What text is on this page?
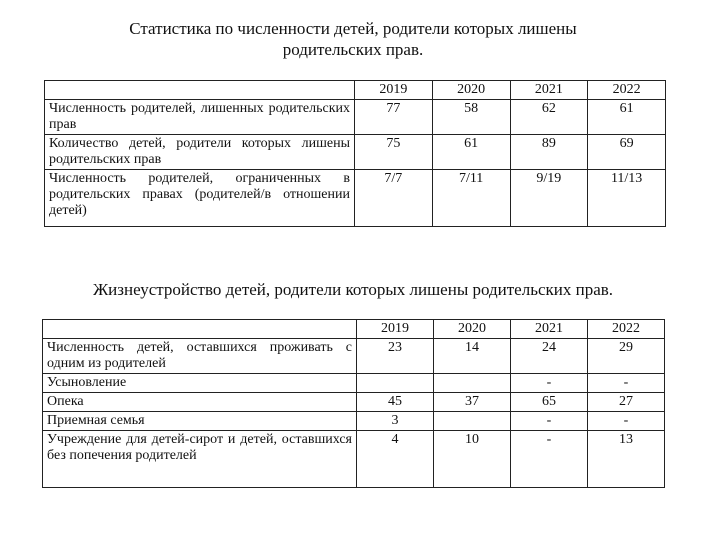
Статистика по численности детей, родители которых лишены
родительских прав.
	2019	2020	2021	2022
Численность родителей, лишенных родительских прав	77	58	62	61
Количество детей, родители которых лишены родительских прав	75	61	89	69
Численность родителей, ограниченных в родительских правах (родителей/в отношении детей)	7/7	7/11	9/19	11/13
Жизнеустройство детей, родители которых лишены родительских прав.
	2019	2020	2021	2022
Численность детей, оставшихся проживать с одним из родителей	23	14	24	29
Усыновление			-	-
Опека	45	37	65	27
Приемная семья	3		-	-
Учреждение для детей-сирот и детей, оставшихся без попечения родителей	4	10	-	13
